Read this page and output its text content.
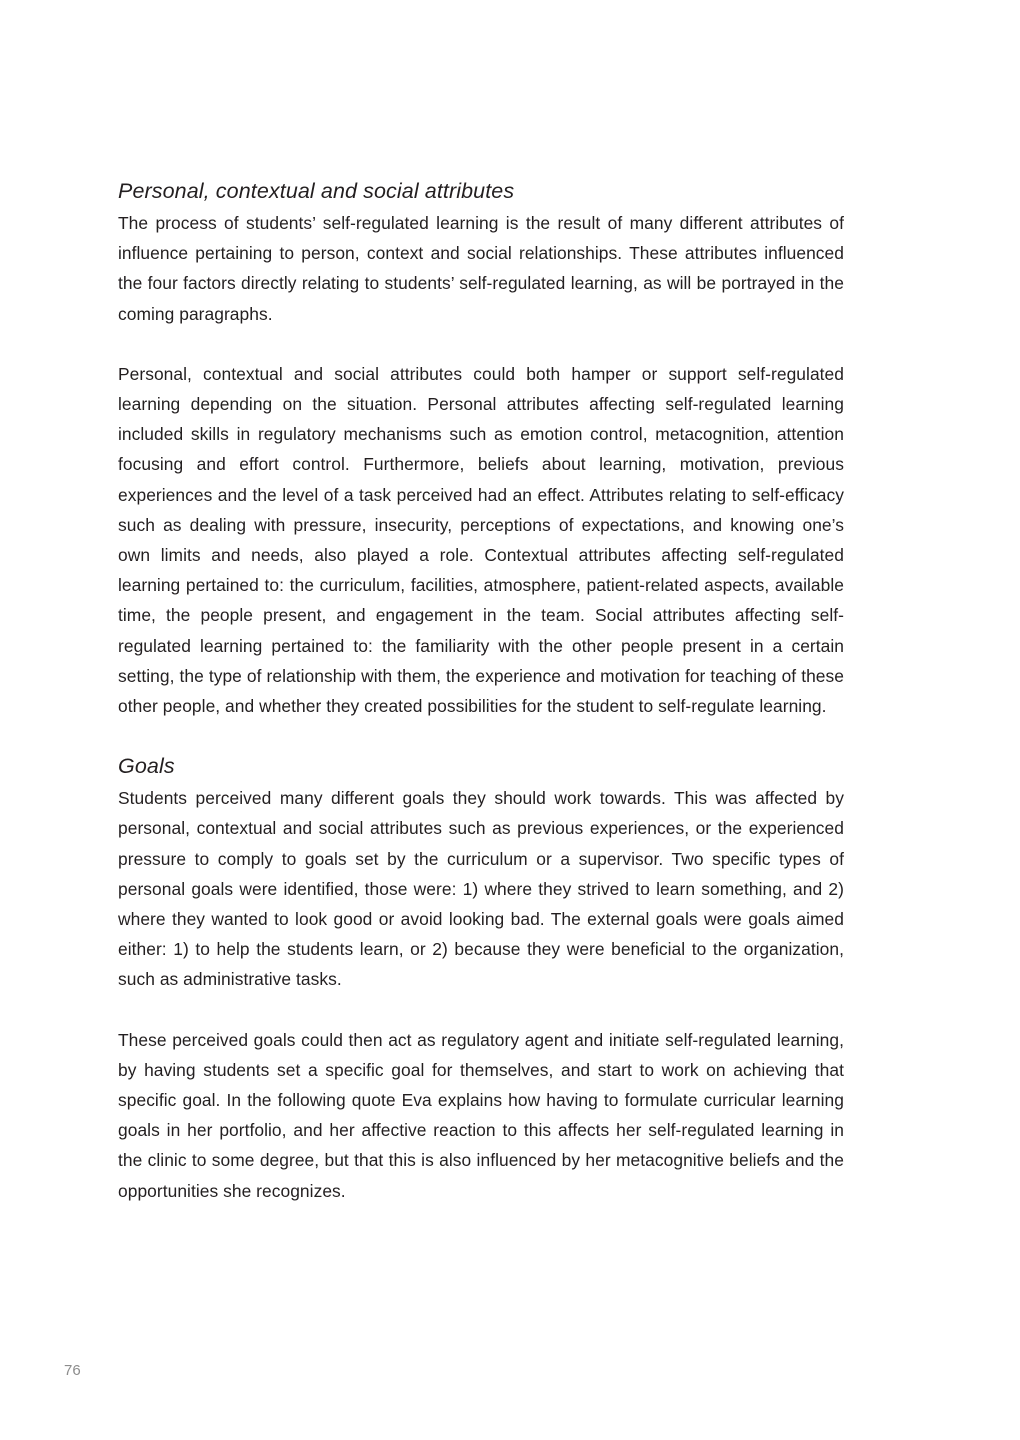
Personal, contextual and social attributes

The process of students’ self-regulated learning is the result of many different attributes of influence pertaining to person, context and social relationships. These attributes influenced the four factors directly relating to students’ self-regulated learning, as will be portrayed in the coming paragraphs.

Personal, contextual and social attributes could both hamper or support self-regulated learning depending on the situation. Personal attributes affecting self-regulated learning included skills in regulatory mechanisms such as emotion control, metacognition, attention focusing and effort control. Furthermore, beliefs about learning, motivation, previous experiences and the level of a task perceived had an effect. Attributes relating to self-efficacy such as dealing with pressure, insecurity, perceptions of expectations, and knowing one’s own limits and needs, also played a role. Contextual attributes affecting self-regulated learning pertained to: the curriculum, facilities, atmosphere, patient-related aspects, available time, the people present, and engagement in the team. Social attributes affecting self-regulated learning pertained to: the familiarity with the other people present in a certain setting, the type of relationship with them, the experience and motivation for teaching of these other people, and whether they created possibilities for the student to self-regulate learning.

Goals

Students perceived many different goals they should work towards. This was affected by personal, contextual and social attributes such as previous experiences, or the experienced pressure to comply to goals set by the curriculum or a supervisor. Two specific types of personal goals were identified, those were: 1) where they strived to learn something, and 2) where they wanted to look good or avoid looking bad. The external goals were goals aimed either: 1) to help the students learn, or 2) because they were beneficial to the organization, such as administrative tasks.

These perceived goals could then act as regulatory agent and initiate self-regulated learning, by having students set a specific goal for themselves, and start to work on achieving that specific goal. In the following quote Eva explains how having to formulate curricular learning goals in her portfolio, and her affective reaction to this affects her self-regulated learning in the clinic to some degree, but that this is also influenced by her metacognitive beliefs and the opportunities she recognizes.

76
